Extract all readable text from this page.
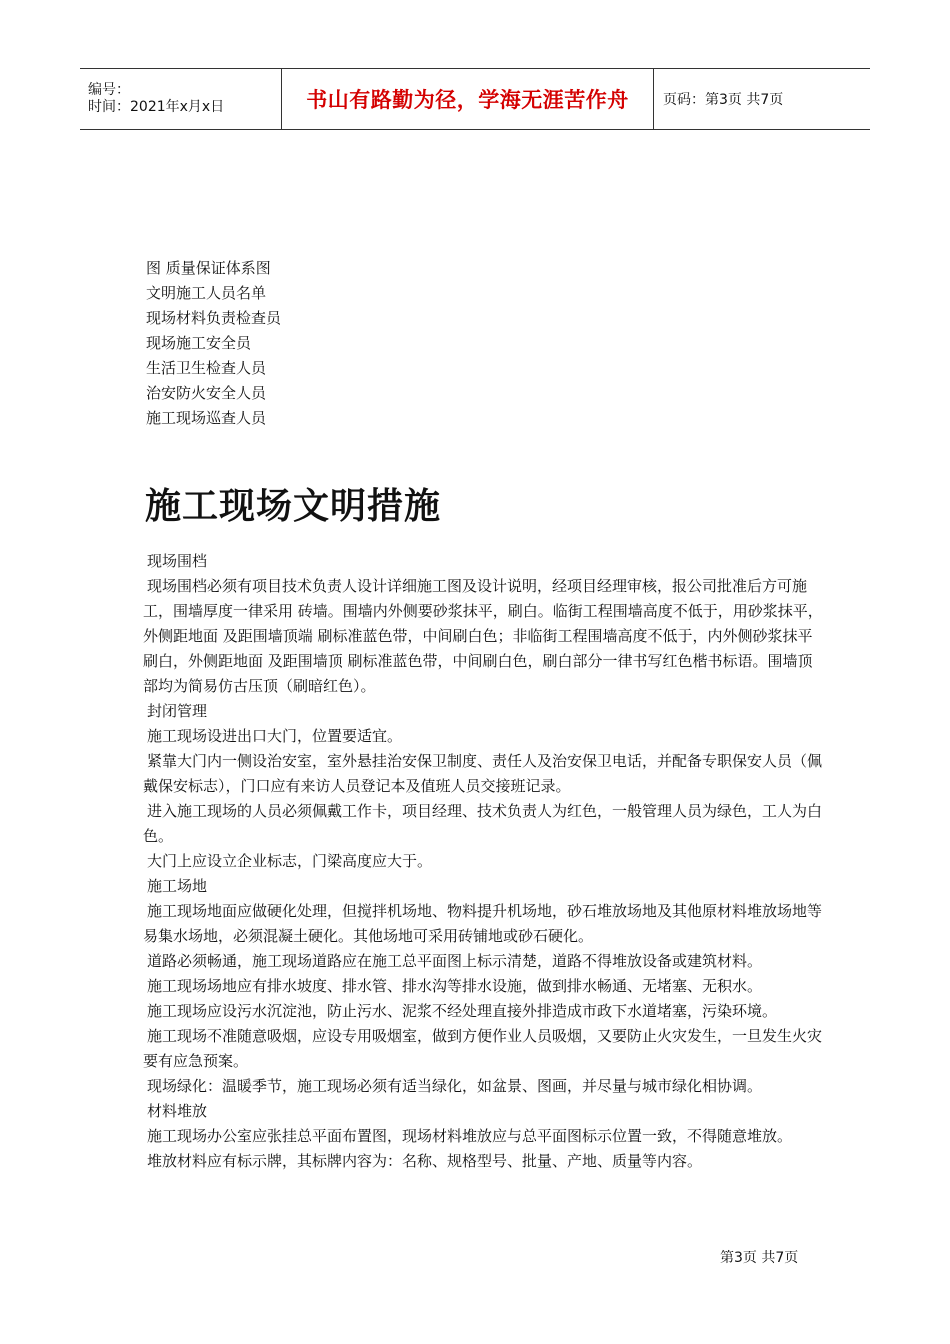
编号：
时间：2021年x月x日	书山有路勤为径，学海无涯苦作舟 页码：第3页 共7页
图 质量保证体系图
文明施工人员名单
现场材料负责检查员
现场施工安全员
生活卫生检查人员
治安防火安全人员
施工现场巡查人员
施工现场文明措施

现场围档

现场围档必须有项目技术负责人设计详细施工图及设计说明，经项目经理审核，报公司批准后方可施工，围墙厚度一律采用 砖墙。围墙内外侧要砂浆抹平，刷白。临街工程围墙高度不低于，用砂浆抹平，外侧距地面 及距围墙顶端 刷标准蓝色带，中间刷白色；非临街工程围墙高度不低于，内外侧砂浆抹平刷白，外侧距地面 及距围墙顶 刷标准蓝色带，中间刷白色，刷白部分一律书写红色楷书标语。围墙顶部均为简易仿古压顶（刷暗红色）。

封闭管理

施工现场设进出口大门，位置要适宜。

紧靠大门内一侧设治安室，室外悬挂治安保卫制度、责任人及治安保卫电话，并配备专职保安人员（佩戴保安标志），门口应有来访人员登记本及值班人员交接班记录。

进入施工现场的人员必须佩戴工作卡，项目经理、技术负责人为红色，一般管理人员为绿色，工人为白色。

大门上应设立企业标志，门梁高度应大于。

施工场地

施工现场地面应做硬化处理，但搅拌机场地、物料提升机场地，砂石堆放场地及其他原材料堆放场地等易集水场地，必须混凝土硬化。其他场地可采用砖铺地或砂石硬化。

道路必须畅通，施工现场道路应在施工总平面图上标示清楚，道路不得堆放设备或建筑材料。

施工现场场地应有排水坡度、排水管、排水沟等排水设施，做到排水畅通、无堵塞、无积水。

施工现场应设污水沉淀池，防止污水、泥浆不经处理直接外排造成市政下水道堵塞，污染环境。

施工现场不准随意吸烟，应设专用吸烟室，做到方便作业人员吸烟，又要防止火灾发生，一旦发生火灾要有应急预案。

现场绿化：温暖季节，施工现场必须有适当绿化，如盆景、图画，并尽量与城市绿化相协调。

材料堆放

施工现场办公室应张挂总平面布置图，现场材料堆放应与总平面图标示位置一致，不得随意堆放。

堆放材料应有标示牌，其标牌内容为：名称、规格型号、批量、产地、质量等内容。

第3页 共7页
